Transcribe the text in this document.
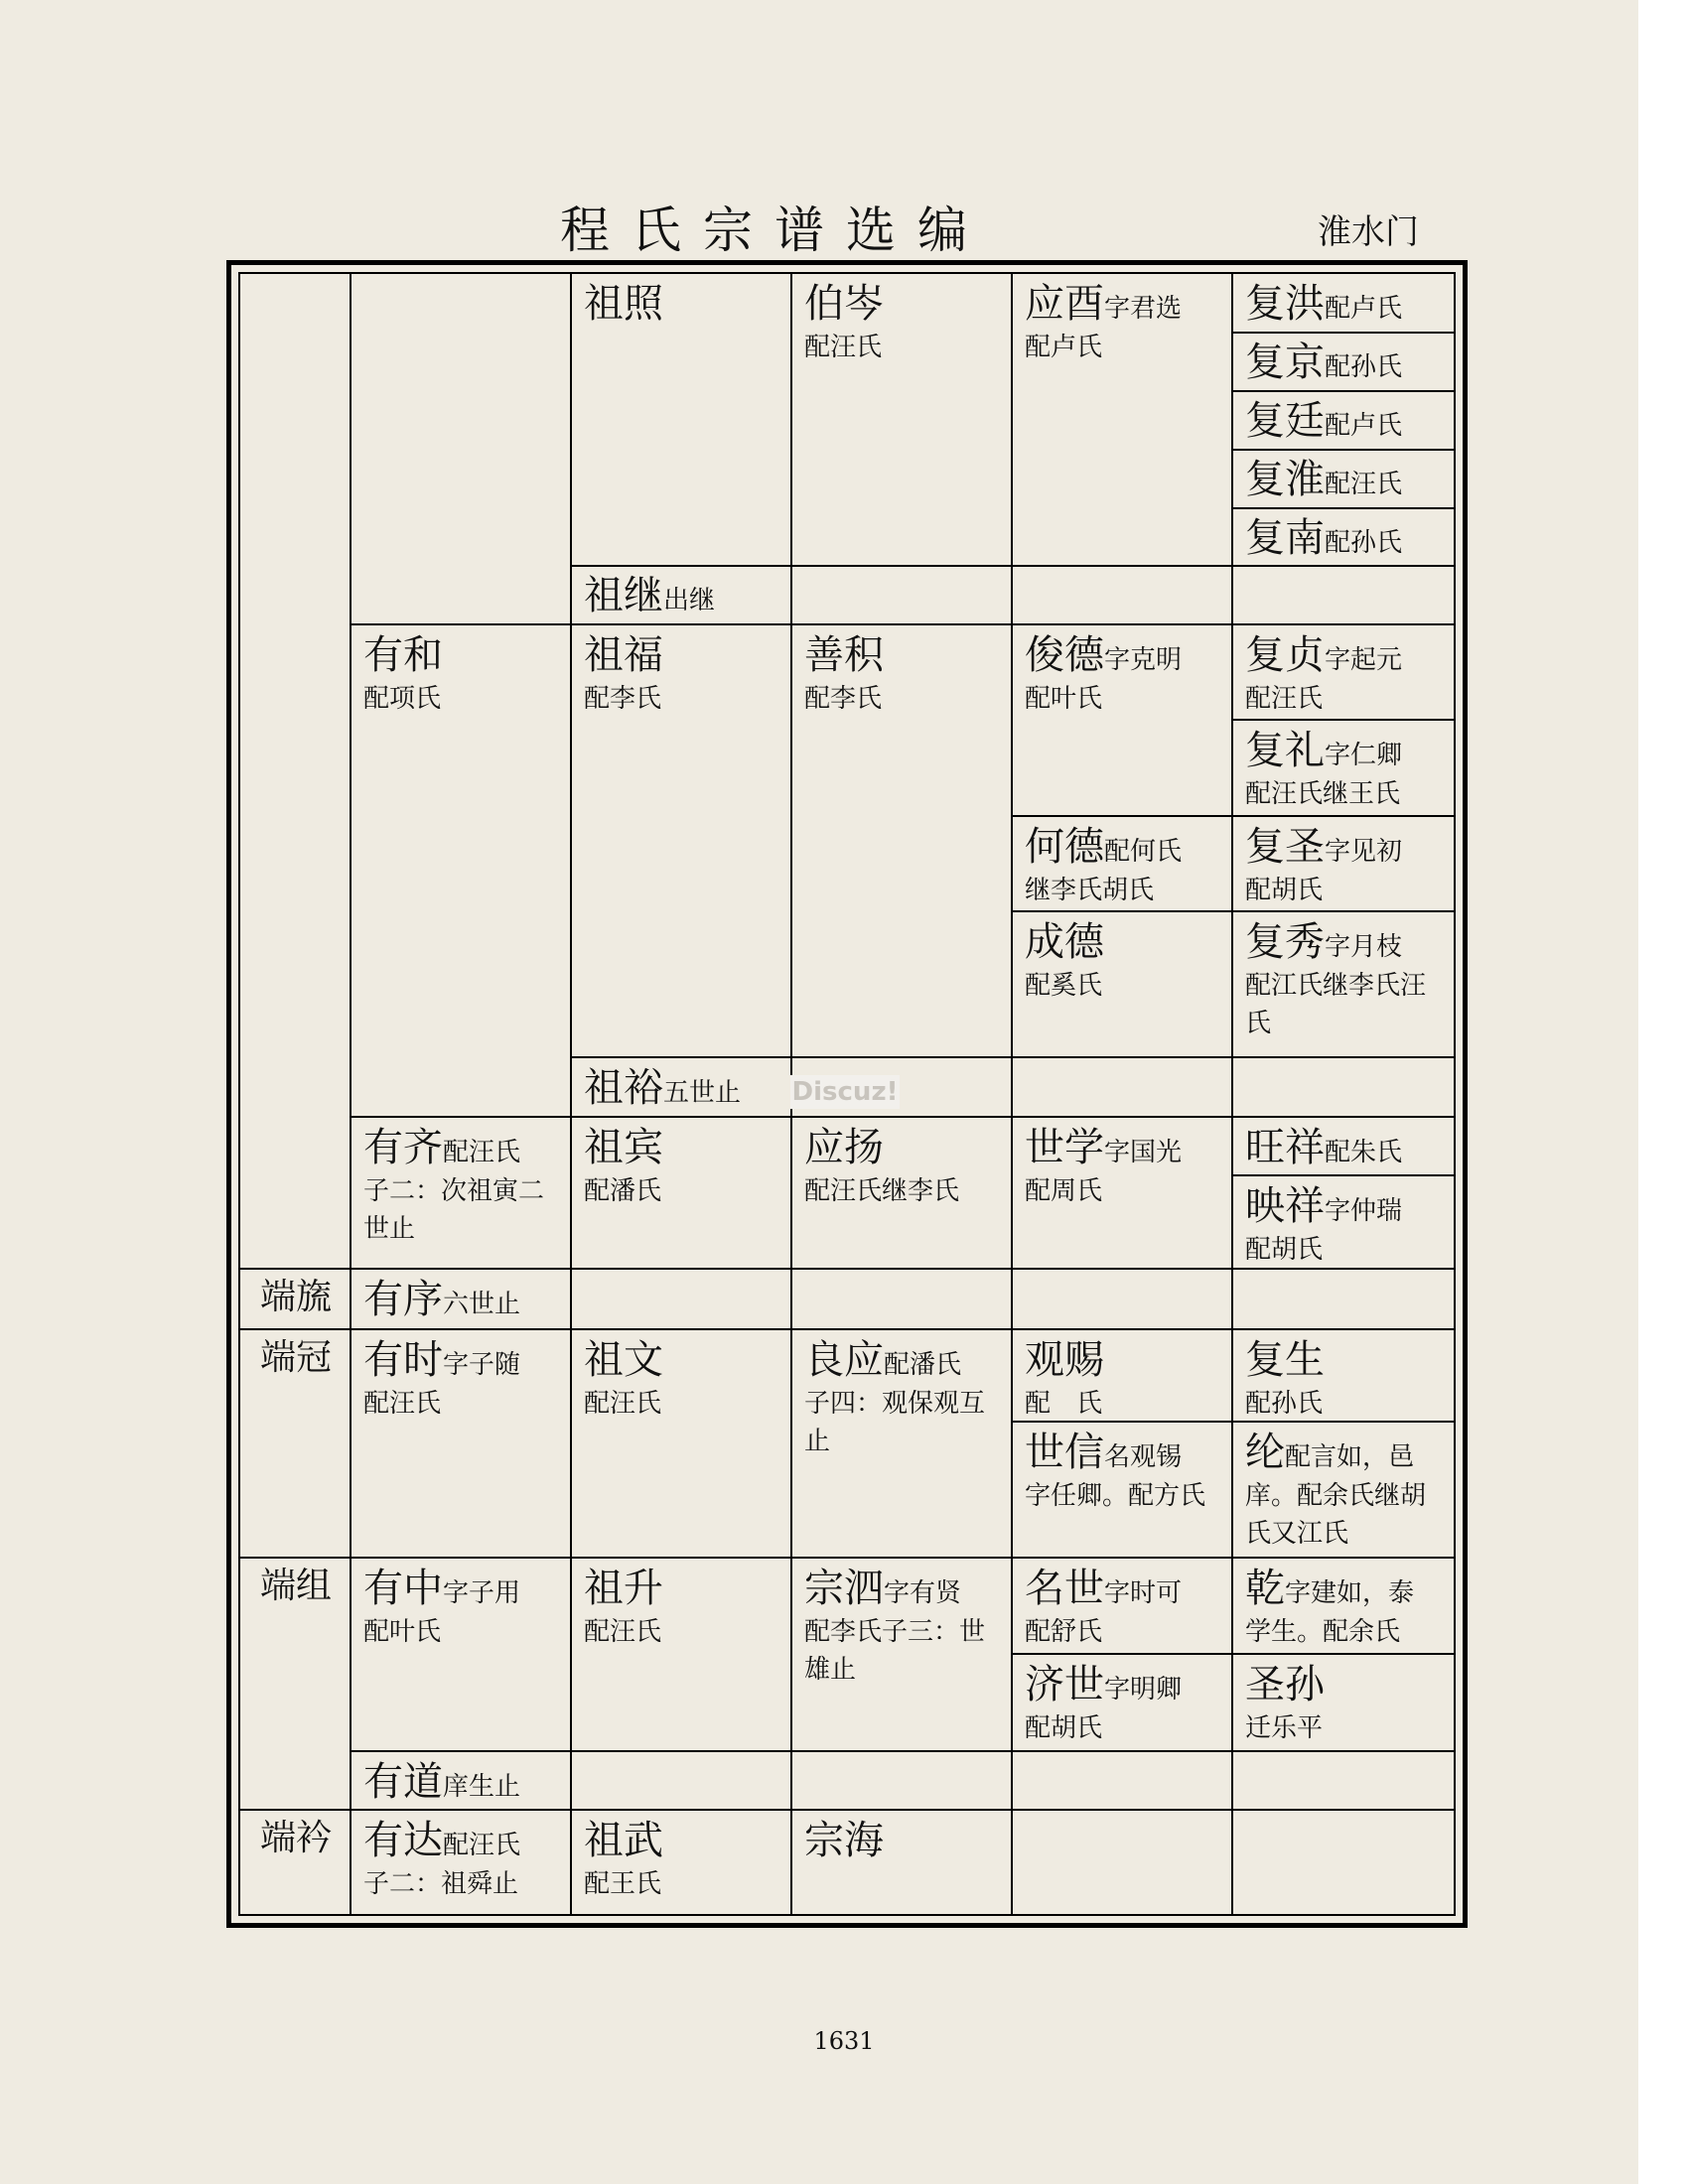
程氏宗谱选编	淮水门
祖照	伯岑
配汪氏
应酉字君选
配卢氏
复洪配卢氏
复京配孙氏
复廷配卢氏
复淮配汪氏
复南配孙氏
祖继出继
有和
配项氏
祖福
配李氏
善积
配李氏
俊德字克明
配叶氏
复贞字起元
配汪氏
复礼字仁卿
配汪氏继王氏
何德配何氏
继李氏胡氏
复圣字见初
配胡氏
成德
配奚氏
复秀字月枝
配江氏继李氏汪氏
祖裕五世止
有齐配汪氏
子二：次祖寅二世止
祖宾
配潘氏
应扬
配汪氏继李氏
世学字国光
配周氏
旺祥配朱氏
映祥字仲瑞
配胡氏
端旒 有序六世止
端冠 有时字子随
配汪氏
祖文
配汪氏
良应配潘氏
子四：观保观互止
观赐
配　氏
复生
配孙氏
世信名观锡
字任卿。配方氏
纶配言如，邑
庠。配余氏继胡氏又江氏
端组 有中字子用
配叶氏
祖升
配汪氏
宗泗字有贤
配李氏子三：世雄止
名世字时可
配舒氏
乾字建如，泰
学生。配余氏
济世字明卿
配胡氏
圣孙
迁乐平
有道庠生止
端衿 有达配汪氏
子二：祖舜止
祖武
配王氏
宗海
Discuz!
1631
